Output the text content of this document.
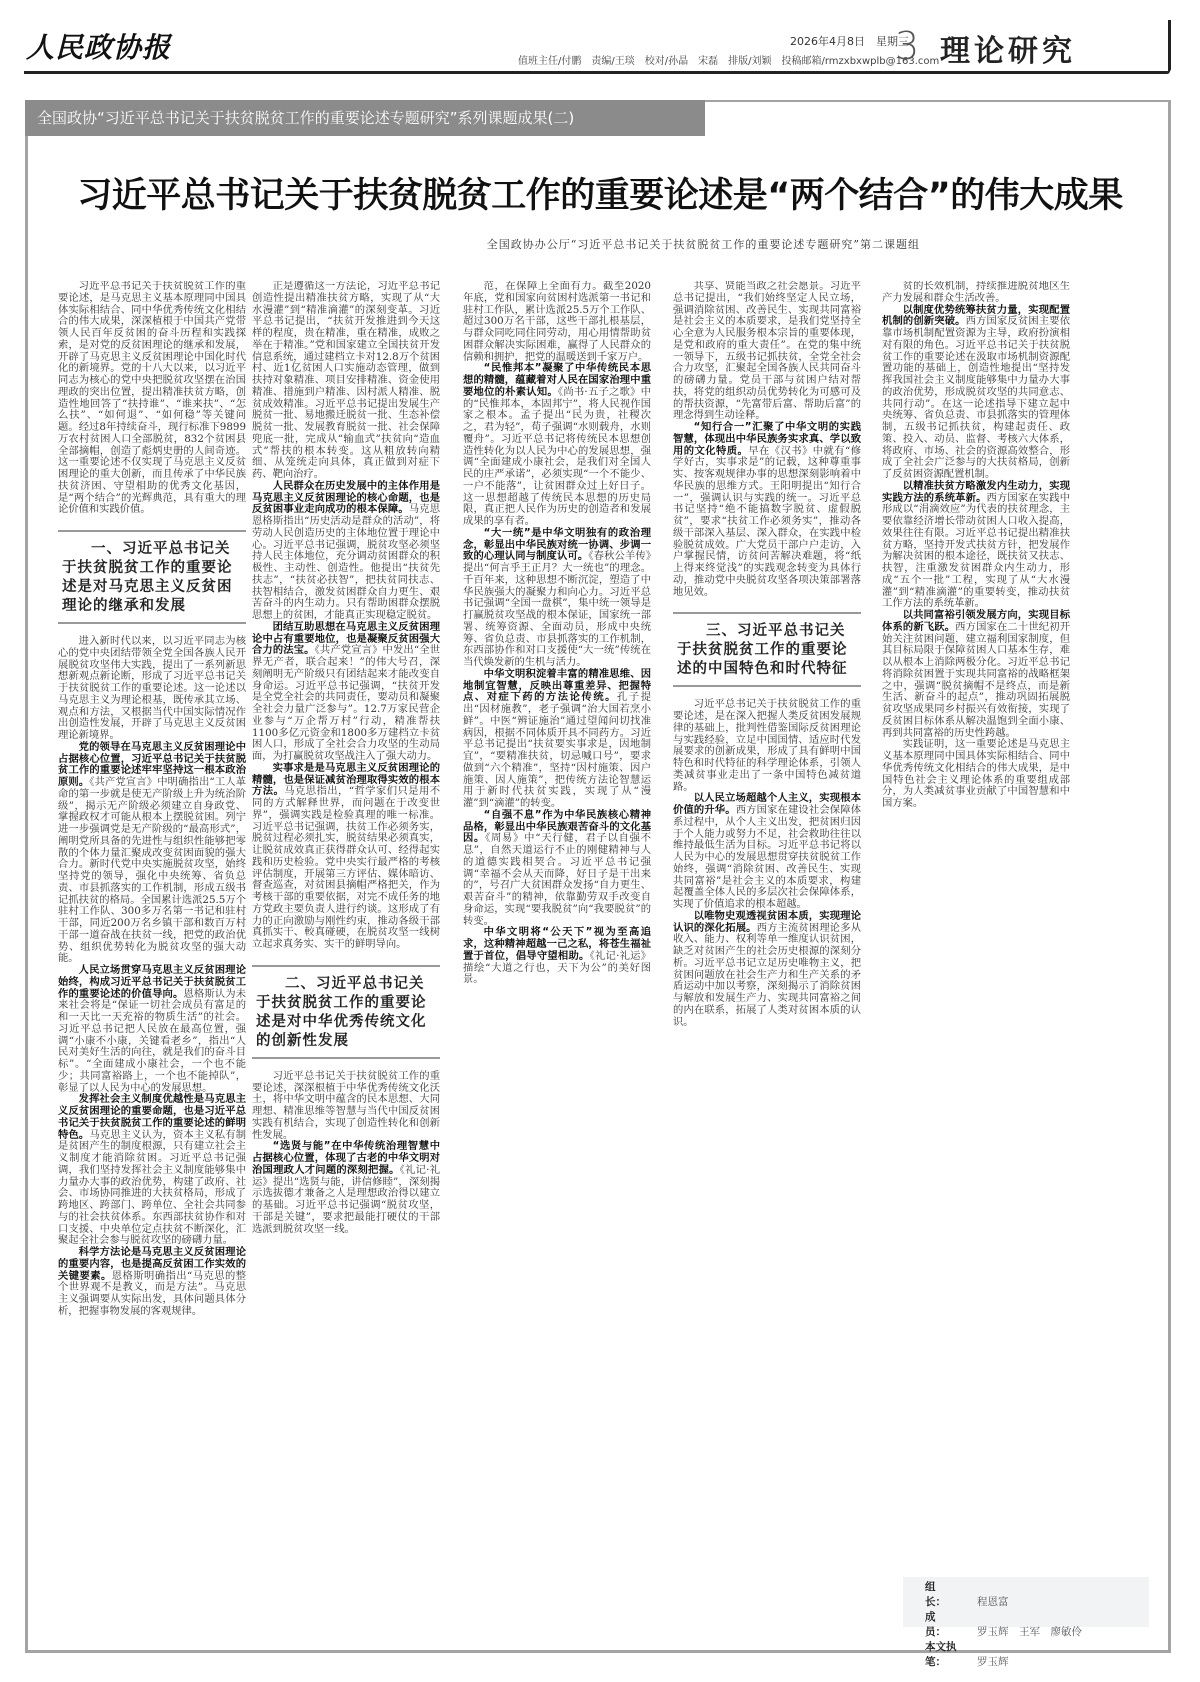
人民政协报	2026年4月8日　星期三
值班主任/付鹏　责编/王琰　校对/孙晶　宋磊　排版/刘颖　投稿邮箱/rmzxbxwplb@163.com
3 理论研究
全国政协“习近平总书记关于扶贫脱贫工作的重要论述专题研究”系列课题成果(二)
习近平总书记关于扶贫脱贫工作的重要论述是“两个结合”的伟大成果
全国政协办公厅“习近平总书记关于扶贫脱贫工作的重要论述专题研究”第二课题组

习近平总书记关于扶贫脱贫工作的重要论述，是马克思主义基本原理同中国具体实际相结合、同中华优秀传统文化相结合的伟大成果，深深植根于中国共产党带领人民百年反贫困的奋斗历程和实践探索，是对党的反贫困理论的继承和发展，开辟了马克思主义反贫困理论中国化时代化的新境界。党的十八大以来，以习近平同志为核心的党中央把脱贫攻坚摆在治国理政的突出位置，提出精准扶贫方略，创造性地回答了“扶持谁”、“谁来扶”、“怎么扶”、“如何退”、“如何稳”等关键问题。经过8年持续奋斗，现行标准下9899万农村贫困人口全部脱贫，832个贫困县全部摘帽，创造了彪炳史册的人间奇迹。这一重要论述不仅实现了马克思主义反贫困理论的重大创新，而且传承了中华民族扶贫济困、守望相助的优秀文化基因，是“两个结合”的光辉典范，具有重大的理论价值和实践价值。

一、习近平总书记关于扶贫脱贫工作的重要论述是对马克思主义反贫困理论的继承和发展

进入新时代以来，以习近平同志为核心的党中央团结带领全党全国各族人民开展脱贫攻坚伟大实践，提出了一系列新思想新观点新论断，形成了习近平总书记关于扶贫脱贫工作的重要论述。这一论述以马克思主义为理论根基，既传承其立场、观点和方法，又根据当代中国实际情况作出创造性发展，开辟了马克思主义反贫困理论新境界。

党的领导在马克思主义反贫困理论中占据核心位置，习近平总书记关于扶贫脱贫工作的重要论述牢牢坚持这一根本政治原则。《共产党宣言》中明确指出“工人革命的第一步就是使无产阶级上升为统治阶级”，揭示无产阶级必须建立自身政党、掌握政权才可能从根本上摆脱贫困。列宁进一步强调党是无产阶级的“最高形式”，阐明党所具备的先进性与组织性能够把零散的个体力量汇聚成改变贫困面貌的强大合力。新时代党中央实施脱贫攻坚，始终坚持党的领导，强化中央统筹、省负总责、市县抓落实的工作机制，形成五级书记抓扶贫的格局。全国累计选派25.5万个驻村工作队、300多万名第一书记和驻村干部，同近200万名乡镇干部和数百万村干部一道奋战在扶贫一线，把党的政治优势、组织优势转化为脱贫攻坚的强大动能。

人民立场贯穿马克思主义反贫困理论始终，构成习近平总书记关于扶贫脱贫工作的重要论述的价值导向。恩格斯认为未来社会将是“保证一切社会成员有富足的和一天比一天充裕的物质生活”的社会。习近平总书记把人民放在最高位置，强调“小康不小康，关键看老乡”，指出“人民对美好生活的向往，就是我们的奋斗目标”。“全面建成小康社会，一个也不能少；共同富裕路上，一个也不能掉队”，彰显了以人民为中心的发展思想。

发挥社会主义制度优越性是马克思主义反贫困理论的重要命题，也是习近平总书记关于扶贫脱贫工作的重要论述的鲜明特色。马克思主义认为，资本主义私有制是贫困产生的制度根源，只有建立社会主义制度才能消除贫困。习近平总书记强调，我们坚持发挥社会主义制度能够集中力量办大事的政治优势，构建了政府、社会、市场协同推进的大扶贫格局，形成了跨地区、跨部门、跨单位、全社会共同参与的社会扶贫体系。东西部扶贫协作和对口支援、中央单位定点扶贫不断深化，汇聚起全社会参与脱贫攻坚的磅礴力量。

科学方法论是马克思主义反贫困理论的重要内容，也是提高反贫困工作实效的关键要素。恩格斯明确指出“马克思的整个世界观不是教义，而是方法”。马克思主义强调要从实际出发，具体问题具体分析，把握事物发展的客观规律。

正是遵循这一方法论，习近平总书记创造性提出精准扶贫方略，实现了从“大水漫灌”到“精准滴灌”的深刻变革。习近平总书记提出，“扶贫开发推进到今天这样的程度，贵在精准，重在精准，成败之举在于精准。”党和国家建立全国扶贫开发信息系统，通过建档立卡对12.8万个贫困村、近1亿贫困人口实施动态管理，做到扶持对象精准、项目安排精准、资金使用精准、措施到户精准、因村派人精准、脱贫成效精准。习近平总书记提出发展生产脱贫一批、易地搬迁脱贫一批、生态补偿脱贫一批、发展教育脱贫一批、社会保障兜底一批，完成从“输血式”扶贫向“造血式”帮扶的根本转变。这从粗放转向精细、从笼统走向具体，真正做到对症下药、靶向治疗。

人民群众在历史发展中的主体作用是马克思主义反贫困理论的核心命题，也是反贫困事业走向成功的根本保障。马克思恩格斯指出“历史活动是群众的活动”，将劳动人民创造历史的主体地位置于理论中心。习近平总书记强调，脱贫攻坚必须坚持人民主体地位，充分调动贫困群众的积极性、主动性、创造性。他提出“扶贫先扶志”，“扶贫必扶智”，把扶贫同扶志、扶智相结合，激发贫困群众自力更生、艰苦奋斗的内生动力。只有帮助困群众摆脱思想上的贫困，才能真正实现稳定脱贫。

团结互助思想在马克思主义反贫困理论中占有重要地位，也是凝聚反贫困强大合力的法宝。《共产党宣言》中发出“全世界无产者，联合起来！”的伟大号召，深刻阐明无产阶级只有团结起来才能改变自身命运。习近平总书记强调，“扶贫开发是全党全社会的共同责任，要动员和凝聚全社会力量广泛参与”。12.7万家民营企业参与“万企帮万村”行动，精准帮扶1100多亿元资金和1800多万建档立卡贫困人口，形成了全社会合力攻坚的生动局面，为打赢脱贫攻坚战注入了强大动力。

实事求是是马克思主义反贫困理论的精髓，也是保证减贫治理取得实效的根本方法。马克思指出，“哲学家们只是用不同的方式解释世界，而问题在于改变世界”，强调实践是检验真理的唯一标准。习近平总书记强调，扶贫工作必须务实，脱贫过程必须扎实，脱贫结果必须真实，让脱贫成效真正获得群众认可、经得起实践和历史检验。党中央实行最严格的考核评估制度，开展第三方评估、媒体暗访、督查巡查，对贫困县摘帽严格把关，作为考核干部的重要依据，对完不成任务的地方党政主要负责人进行约谈。这形成了有力的正向激励与刚性约束，推动各级干部真抓实干、較真碰硬，在脱贫攻坚一线树立起求真务实、实干的鲜明导向。

二、习近平总书记关于扶贫脱贫工作的重要论述是对中华优秀传统文化的创新性发展

习近平总书记关于扶贫脱贫工作的重要论述，深深根植于中华优秀传统文化沃土，将中华文明中蕴含的民本思想、大同理想、精准思维等智慧与当代中国反贫困实践有机结合，实现了创造性转化和创新性发展。

“选贤与能”在中华传统治理智慧中占据核心位置，体现了古老的中华文明对治国理政人才问题的深刻把握。《礼记·礼运》提出“选贤与能，讲信修睦”，深刻揭示选拔德才兼备之人是理想政治得以建立的基础。习近平总书记强调“脱贫攻坚，干部是关键”，要求把最能打硬仗的干部选派到脱贫攻坚一线。

范，在保障上全面有力。截至2020年底，党和国家向贫困村选派第一书记和驻村工作队，累计选派25.5万个工作队、超过300万名干部，这些干部扎根基层，与群众同吃同住同劳动，用心用情帮助贫困群众解决实际困难，赢得了人民群众的信赖和拥护，把党的温暖送到千家万户。

“民惟邦本”凝聚了中华传统民本思想的精髓，蕴藏着对人民在国家治理中重要地位的朴素认知。《尚书·五子之歌》中的“民惟邦本，本固邦宁”，将人民视作国家之根本。孟子提出“民为贵，社稷次之，君为轻”，荀子强调“水则载舟，水则覆舟”。习近平总书记将传统民本思想创造性转化为以人民为中心的发展思想，强调“全面建成小康社会，是我们对全国人民的庄严承诺”，必须实现“一个不能少、一户不能落”，让贫困群众过上好日子。这一思想超越了传统民本思想的历史局限，真正把人民作为历史的创造者和发展成果的享有者。

“大一统”是中华文明独有的政治理念，彰显出中华民族对统一协调、步调一致的心理认同与制度认可。《春秋公羊传》提出“何言乎王正月？大一统也”的理念。千百年来，这种思想不断沉淀，塑造了中华民族强大的凝聚力和向心力。习近平总书记强调“全国一盘棋”，集中统一领导是打赢脱贫攻坚战的根本保证，国家统一部署、统筹资源、全面动员，形成中央统筹、省负总责、市县抓落实的工作机制，东西部协作和对口支援使“大一统”传统在当代焕发新的生机与活力。

中华文明积淀着丰富的精准思维、因地制宜智慧，反映出尊重差异、把握特点、对症下药的方法论传统。孔子提出“因材施教”，老子强调“治大国若烹小鲜”。中医“辨证施治”通过望闻问切找准病因，根据不同体质开具不同药方。习近平总书记提出“扶贫要实事求是，因地制宜”，“要精准扶贫，切忌喊口号”，要求做到“六个精准”，坚持“因村施策、因户施策、因人施策”，把传统方法论智慧运用于新时代扶贫实践，实现了从“漫灌”到“滴灌”的转变。

“自强不息”作为中华民族核心精神品格，彰显出中华民族艰苦奋斗的文化基因。《周易》中“天行健，君子以自强不息”，自然天道运行不止的刚健精神与人的道德实践相契合。习近平总书记强调“幸福不会从天而降，好日子是干出来的”，号召广大贫困群众发扬“自力更生、艰苦奋斗”的精神，依靠勤劳双手改变自身命运，实现“要我脱贫”向“我要脱贫”的转变。

中华文明将“公天下”视为至高追求，这种精神超越一己之私，将苍生福祉置于首位，倡导守望相助。《礼记·礼运》描绘“大道之行也，天下为公”的美好图景。

共享、贤能当政之社会愿景。习近平总书记提出，“我们始终坚定人民立场，强调消除贫困、改善民生、实现共同富裕是社会主义的本质要求，是我们党坚持全心全意为人民服务根本宗旨的重要体现，是党和政府的重大责任”。在党的集中统一领导下，五级书记抓扶贫，全党全社会合力攻坚，汇聚起全国各族人民共同奋斗的磅礴力量。党员干部与贫困户结对帮扶，将党的组织动员优势转化为可感可及的帮扶资源，“先富带后富、帮助后富”的理念得到生动诠释。

“知行合一”汇聚了中华文明的实践智慧，体现出中华民族务实求真、学以致用的文化特质。早在《汉书》中就有“修学好古，实事求是”的记载，这种尊重事实、按客观规律办事的思想深刻影响着中华民族的思维方式。王阳明提出“知行合一”，强调认识与实践的统一。习近平总书记坚持“绝不能搞数字脱贫、虚假脱贫”，要求“扶贫工作必须务实”，推动各级干部深入基层、深入群众，在实践中检验脱贫成效。广大党员干部户户走访，入户掌握民情，访贫问苦解决难题，将“纸上得来终觉浅”的实践观念转变为具体行动，推动党中央脱贫攻坚各项决策部署落地见效。

三、习近平总书记关于扶贫脱贫工作的重要论述的中国特色和时代特征

习近平总书记关于扶贫脱贫工作的重要论述，是在深入把握人类反贫困发展规律的基础上，批判性借鉴国际反贫困理论与实践经验，立足中国国情、适应时代发展要求的创新成果，形成了具有鲜明中国特色和时代特征的科学理论体系，引领人类减贫事业走出了一条中国特色减贫道路。

以人民立场超越个人主义，实现根本价值的升华。西方国家在建设社会保障体系过程中，从个人主义出发，把贫困归因于个人能力或努力不足，社会救助往往以维持最低生活为目标。习近平总书记将以人民为中心的发展思想贯穿扶贫脱贫工作始终，强调“消除贫困、改善民生、实现共同富裕”是社会主义的本质要求，构建起覆盖全体人民的多层次社会保障体系，实现了价值追求的根本超越。

以唯物史观透视贫困本质，实现理论认识的深化拓展。西方主流贫困理论多从收入、能力、权利等单一维度认识贫困，缺乏对贫困产生的社会历史根源的深刻分析。习近平总书记立足历史唯物主义，把贫困问题放在社会生产力和生产关系的矛盾运动中加以考察，深刻揭示了消除贫困与解放和发展生产力、实现共同富裕之间的内在联系，拓展了人类对贫困本质的认识。

贫的长效机制，持续推进脱贫地区生产力发展和群众生活改善。

以制度优势统筹扶贫力量，实现配置机制的创新突破。西方国家反贫困主要依靠市场机制配置资源为主导，政府扮演相对有限的角色。习近平总书记关于扶贫脱贫工作的重要论述在汲取市场机制资源配置功能的基础上，创造性地提出“坚持发挥我国社会主义制度能够集中力量办大事的政治优势，形成脱贫攻坚的共同意志、共同行动”。在这一论述指导下建立起中央统筹、省负总责、市县抓落实的管理体制，五级书记抓扶贫，构建起责任、政策、投入、动员、监督、考核六大体系，将政府、市场、社会的资源高效整合，形成了全社会广泛参与的大扶贫格局，创新了反贫困资源配置机制。

以精准扶贫方略激发内生动力，实现实践方法的系统革新。西方国家在实践中形成以“涓滴效应”为代表的扶贫理念，主要依靠经济增长带动贫困人口收入提高，效果往往有限。习近平总书记提出精准扶贫方略，坚持开发式扶贫方针，把发展作为解决贫困的根本途径，既扶贫又扶志、扶智，注重激发贫困群众内生动力，形成“五个一批”工程，实现了从“大水漫灌”到“精准滴灌”的重要转变，推动扶贫工作方法的系统革新。

以共同富裕引领发展方向，实现目标体系的新飞跃。西方国家在二十世纪初开始关注贫困问题，建立福利国家制度，但其目标局限于保障贫困人口基本生存，难以从根本上消除两极分化。习近平总书记将消除贫困置于实现共同富裕的战略框架之中，强调“脱贫摘帽不是终点，而是新生活、新奋斗的起点”，推动巩固拓展脱贫攻坚成果同乡村振兴有效衔接，实现了反贫困目标体系从解决温饱到全面小康、再到共同富裕的历史性跨越。

实践证明，这一重要论述是马克思主义基本原理同中国具体实际相结合、同中华优秀传统文化相结合的伟大成果，是中国特色社会主义理论体系的重要组成部分，为人类减贫事业贡献了中国智慧和中国方案。

组　　长：	程恩富
成　　员：	罗玉辉　王军　廖敏伶
本文执笔：	罗玉辉
